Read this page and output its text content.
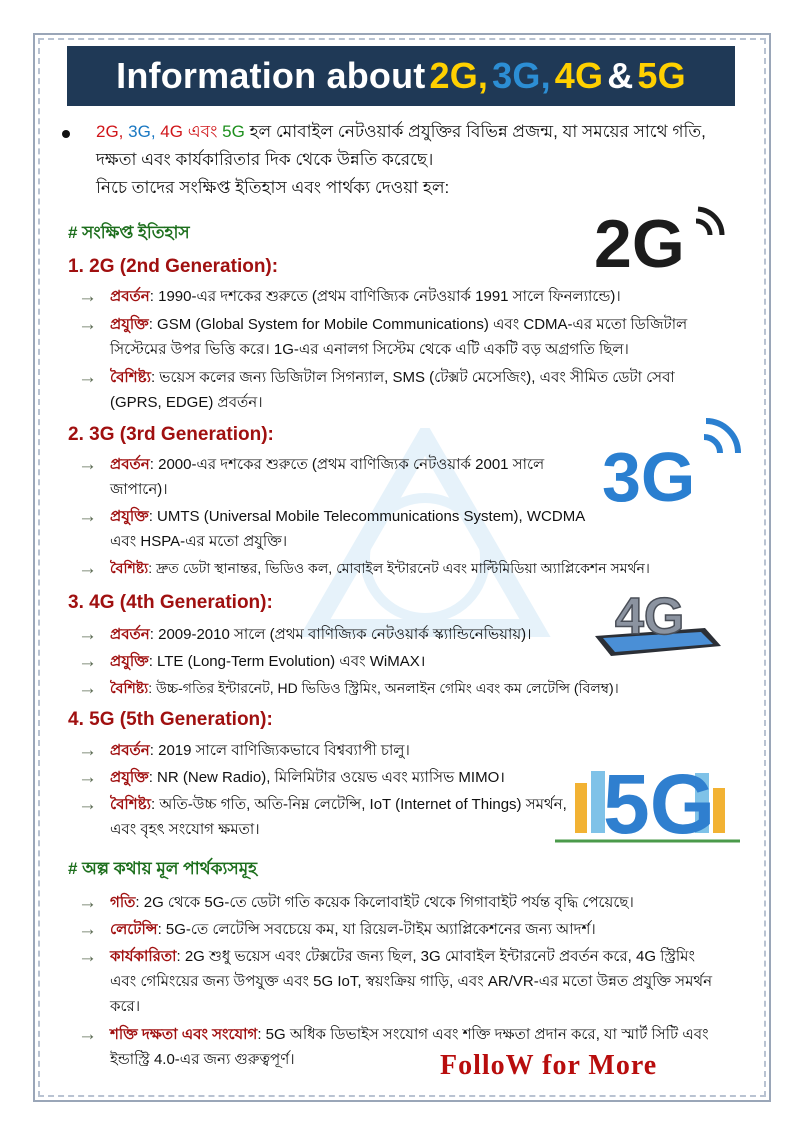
Information about 2G, 3G, 4G & 5G
2G, 3G, 4G এবং 5G হল মোবাইল নেটওয়ার্ক প্রযুক্তির বিভিন্ন প্রজন্ম, যা সময়ের সাথে গতি, দক্ষতা এবং কার্যকারিতার দিক থেকে উন্নতি করেছে।
নিচে তাদের সংক্ষিপ্ত ইতিহাস এবং পার্থক্য দেওয়া হল:
# সংক্ষিপ্ত ইতিহাস	2G
1. 2G (2nd Generation):
→ প্রবর্তন: 1990-এর দশকের শুরুতে (প্রথম বাণিজ্যিক নেটওয়ার্ক 1991 সালে ফিনল্যান্ডে)।
→ প্রযুক্তি: GSM (Global System for Mobile Communications) এবং CDMA-এর মতো ডিজিটাল সিস্টেমের উপর ভিত্তি করে। 1G-এর এনালগ সিস্টেম থেকে এটি একটি বড় অগ্রগতি ছিল।
→ বৈশিষ্ট্য: ভয়েস কলের জন্য ডিজিটাল সিগন্যাল, SMS (টেক্সট মেসেজিং), এবং সীমিত ডেটা সেবা (GPRS, EDGE) প্রবর্তন।
3G
2. 3G (3rd Generation):
→ প্রবর্তন: 2000-এর দশকের শুরুতে (প্রথম বাণিজ্যিক নেটওয়ার্ক 2001 সালে জাপানে)।
→ প্রযুক্তি: UMTS (Universal Mobile Telecommunications System), WCDMA এবং HSPA-এর মতো প্রযুক্তি।
→ বৈশিষ্ট্য: দ্রুত ডেটা স্থানান্তর, ভিডিও কল, মোবাইল ইন্টারনেট এবং মাল্টিমিডিয়া অ্যাপ্লিকেশন সমর্থন।
4G
3. 4G (4th Generation):
→ প্রবর্তন: 2009-2010 সালে (প্রথম বাণিজ্যিক নেটওয়ার্ক স্ক্যান্ডিনেভিয়ায়)।
→ প্রযুক্তি: LTE (Long-Term Evolution) এবং WiMAX।
→ বৈশিষ্ট্য: উচ্চ-গতির ইন্টারনেট, HD ভিডিও স্ট্রিমিং, অনলাইন গেমিং এবং কম লেটেন্সি (বিলম্ব)।
5G
4. 5G (5th Generation):
→ প্রবর্তন: 2019 সালে বাণিজ্যিকভাবে বিশ্বব্যাপী চালু।
→ প্রযুক্তি: NR (New Radio), মিলিমিটার ওয়েভ এবং ম্যাসিভ MIMO।
→ বৈশিষ্ট্য: অতি-উচ্চ গতি, অতি-নিম্ন লেটেন্সি, IoT (Internet of Things) সমর্থন, এবং বৃহৎ সংযোগ ক্ষমতা।
# অল্প কথায় মূল পার্থক্যসমূহ
→ গতি: 2G থেকে 5G-তে ডেটা গতি কয়েক কিলোবাইট থেকে গিগাবাইট পর্যন্ত বৃদ্ধি পেয়েছে।
→ লেটেন্সি: 5G-তে লেটেন্সি সবচেয়ে কম, যা রিয়েল-টাইম অ্যাপ্লিকেশনের জন্য আদর্শ।
→ কার্যকারিতা: 2G শুধু ভয়েস এবং টেক্সটের জন্য ছিল, 3G মোবাইল ইন্টারনেট প্রবর্তন করে, 4G স্ট্রিমিং এবং গেমিংয়ের জন্য উপযুক্ত এবং 5G IoT, স্বয়ংক্রিয় গাড়ি, এবং AR/VR-এর মতো উন্নত প্রযুক্তি সমর্থন করে।
→ শক্তি দক্ষতা এবং সংযোগ: 5G অধিক ডিভাইস সংযোগ এবং শক্তি দক্ষতা প্রদান করে, যা স্মার্ট সিটি এবং ইন্ডাস্ট্রি 4.0-এর জন্য গুরুত্বপূর্ণ।	FolloW for More
